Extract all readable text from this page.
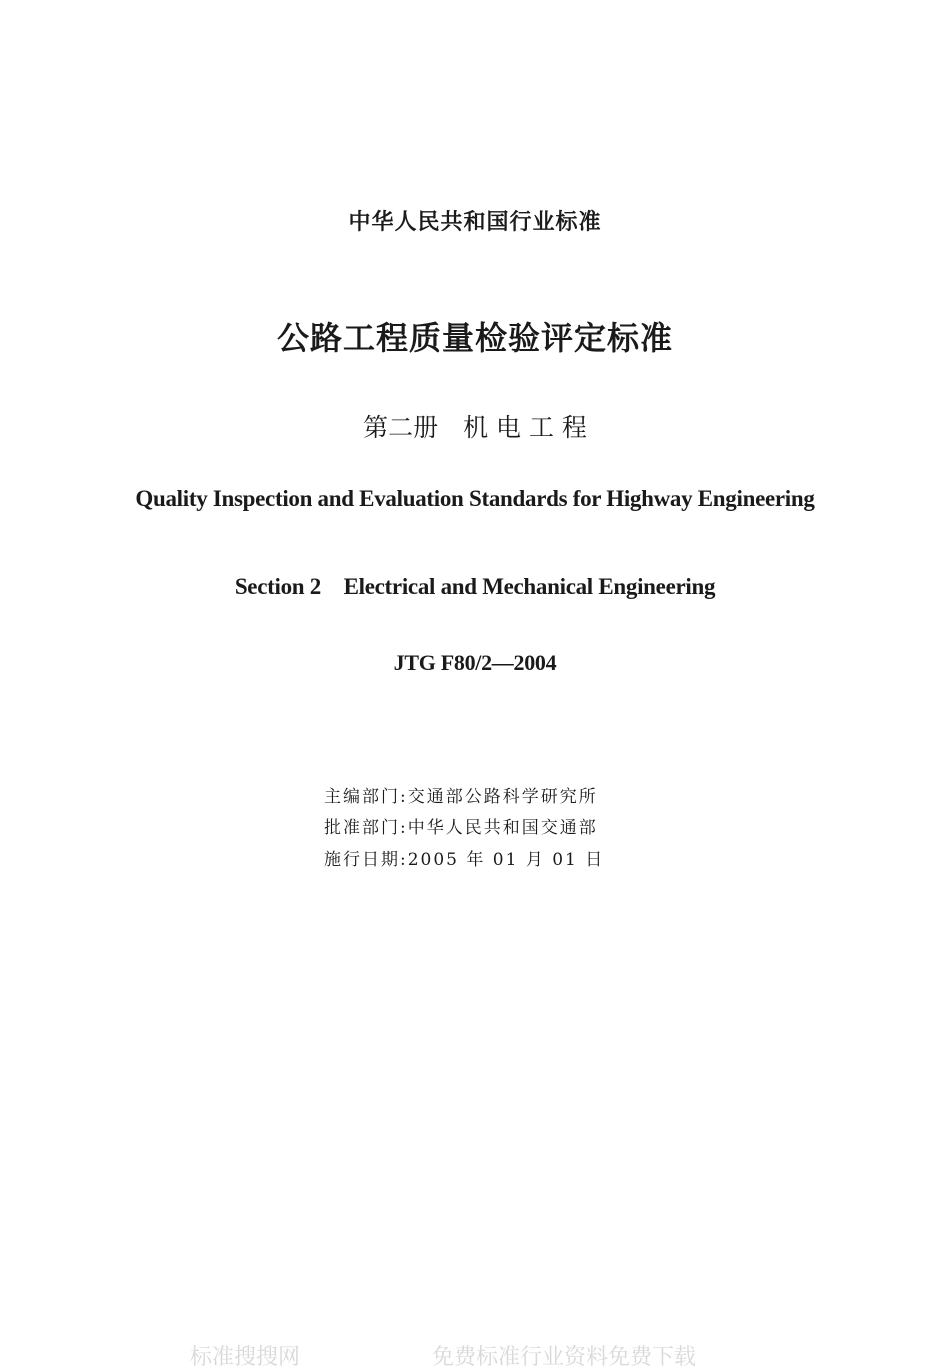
中华人民共和国行业标准
公路工程质量检验评定标准
第二册　机 电 工 程
Quality Inspection and Evaluation Standards for Highway Engineering
Section 2　Electrical and Mechanical Engineering
JTG F80/2—2004
主编部门:交通部公路科学研究所
批准部门:中华人民共和国交通部
施行日期:2005 年 01 月 01 日
标准搜搜网　　　　　　免费标准行业资料免费下载
